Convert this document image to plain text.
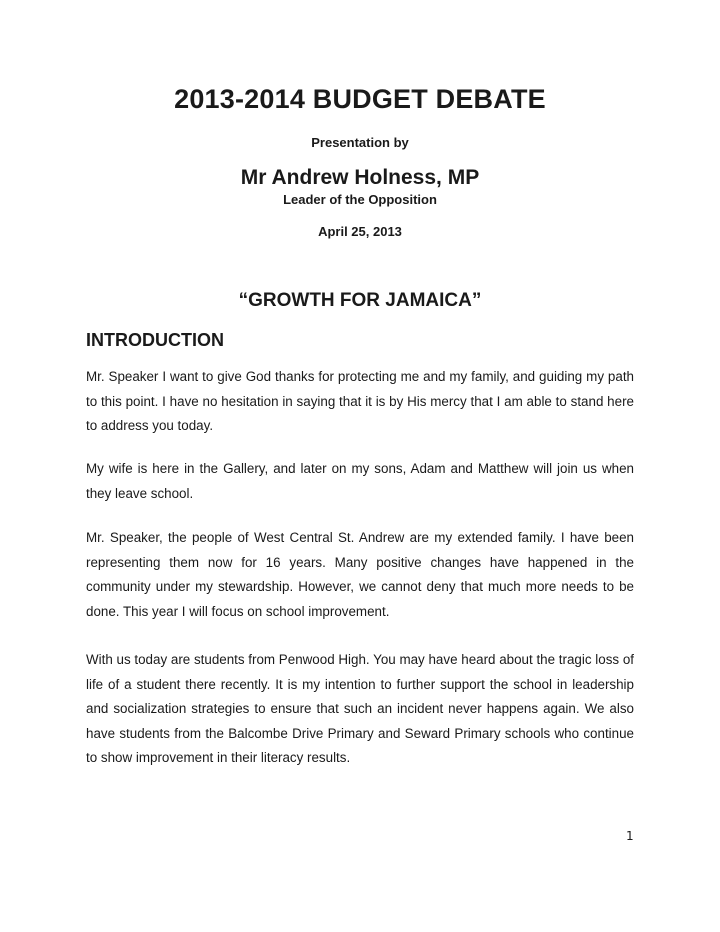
2013-2014 BUDGET DEBATE
Presentation by
Mr Andrew Holness, MP
Leader of the Opposition
April 25, 2013
“GROWTH FOR JAMAICA”
INTRODUCTION

Mr. Speaker I want to give God thanks for protecting me and my family, and guiding my path to this point. I have no hesitation in saying that it is by His mercy that I am able to stand here to address you today.

My wife is here in the Gallery, and later on my sons, Adam and Matthew will join us when they leave school.

Mr. Speaker, the people of West Central St. Andrew are my extended family. I have been representing them now for 16 years. Many positive changes have happened in the community under my stewardship. However, we cannot deny that much more needs to be done. This year I will focus on school improvement.

With us today are students from Penwood High. You may have heard about the tragic loss of life of a student there recently. It is my intention to further support the school in leadership and socialization strategies to ensure that such an incident never happens again. We also have students from the Balcombe Drive Primary and Seward Primary schools who continue to show improvement in their literacy results.

1
